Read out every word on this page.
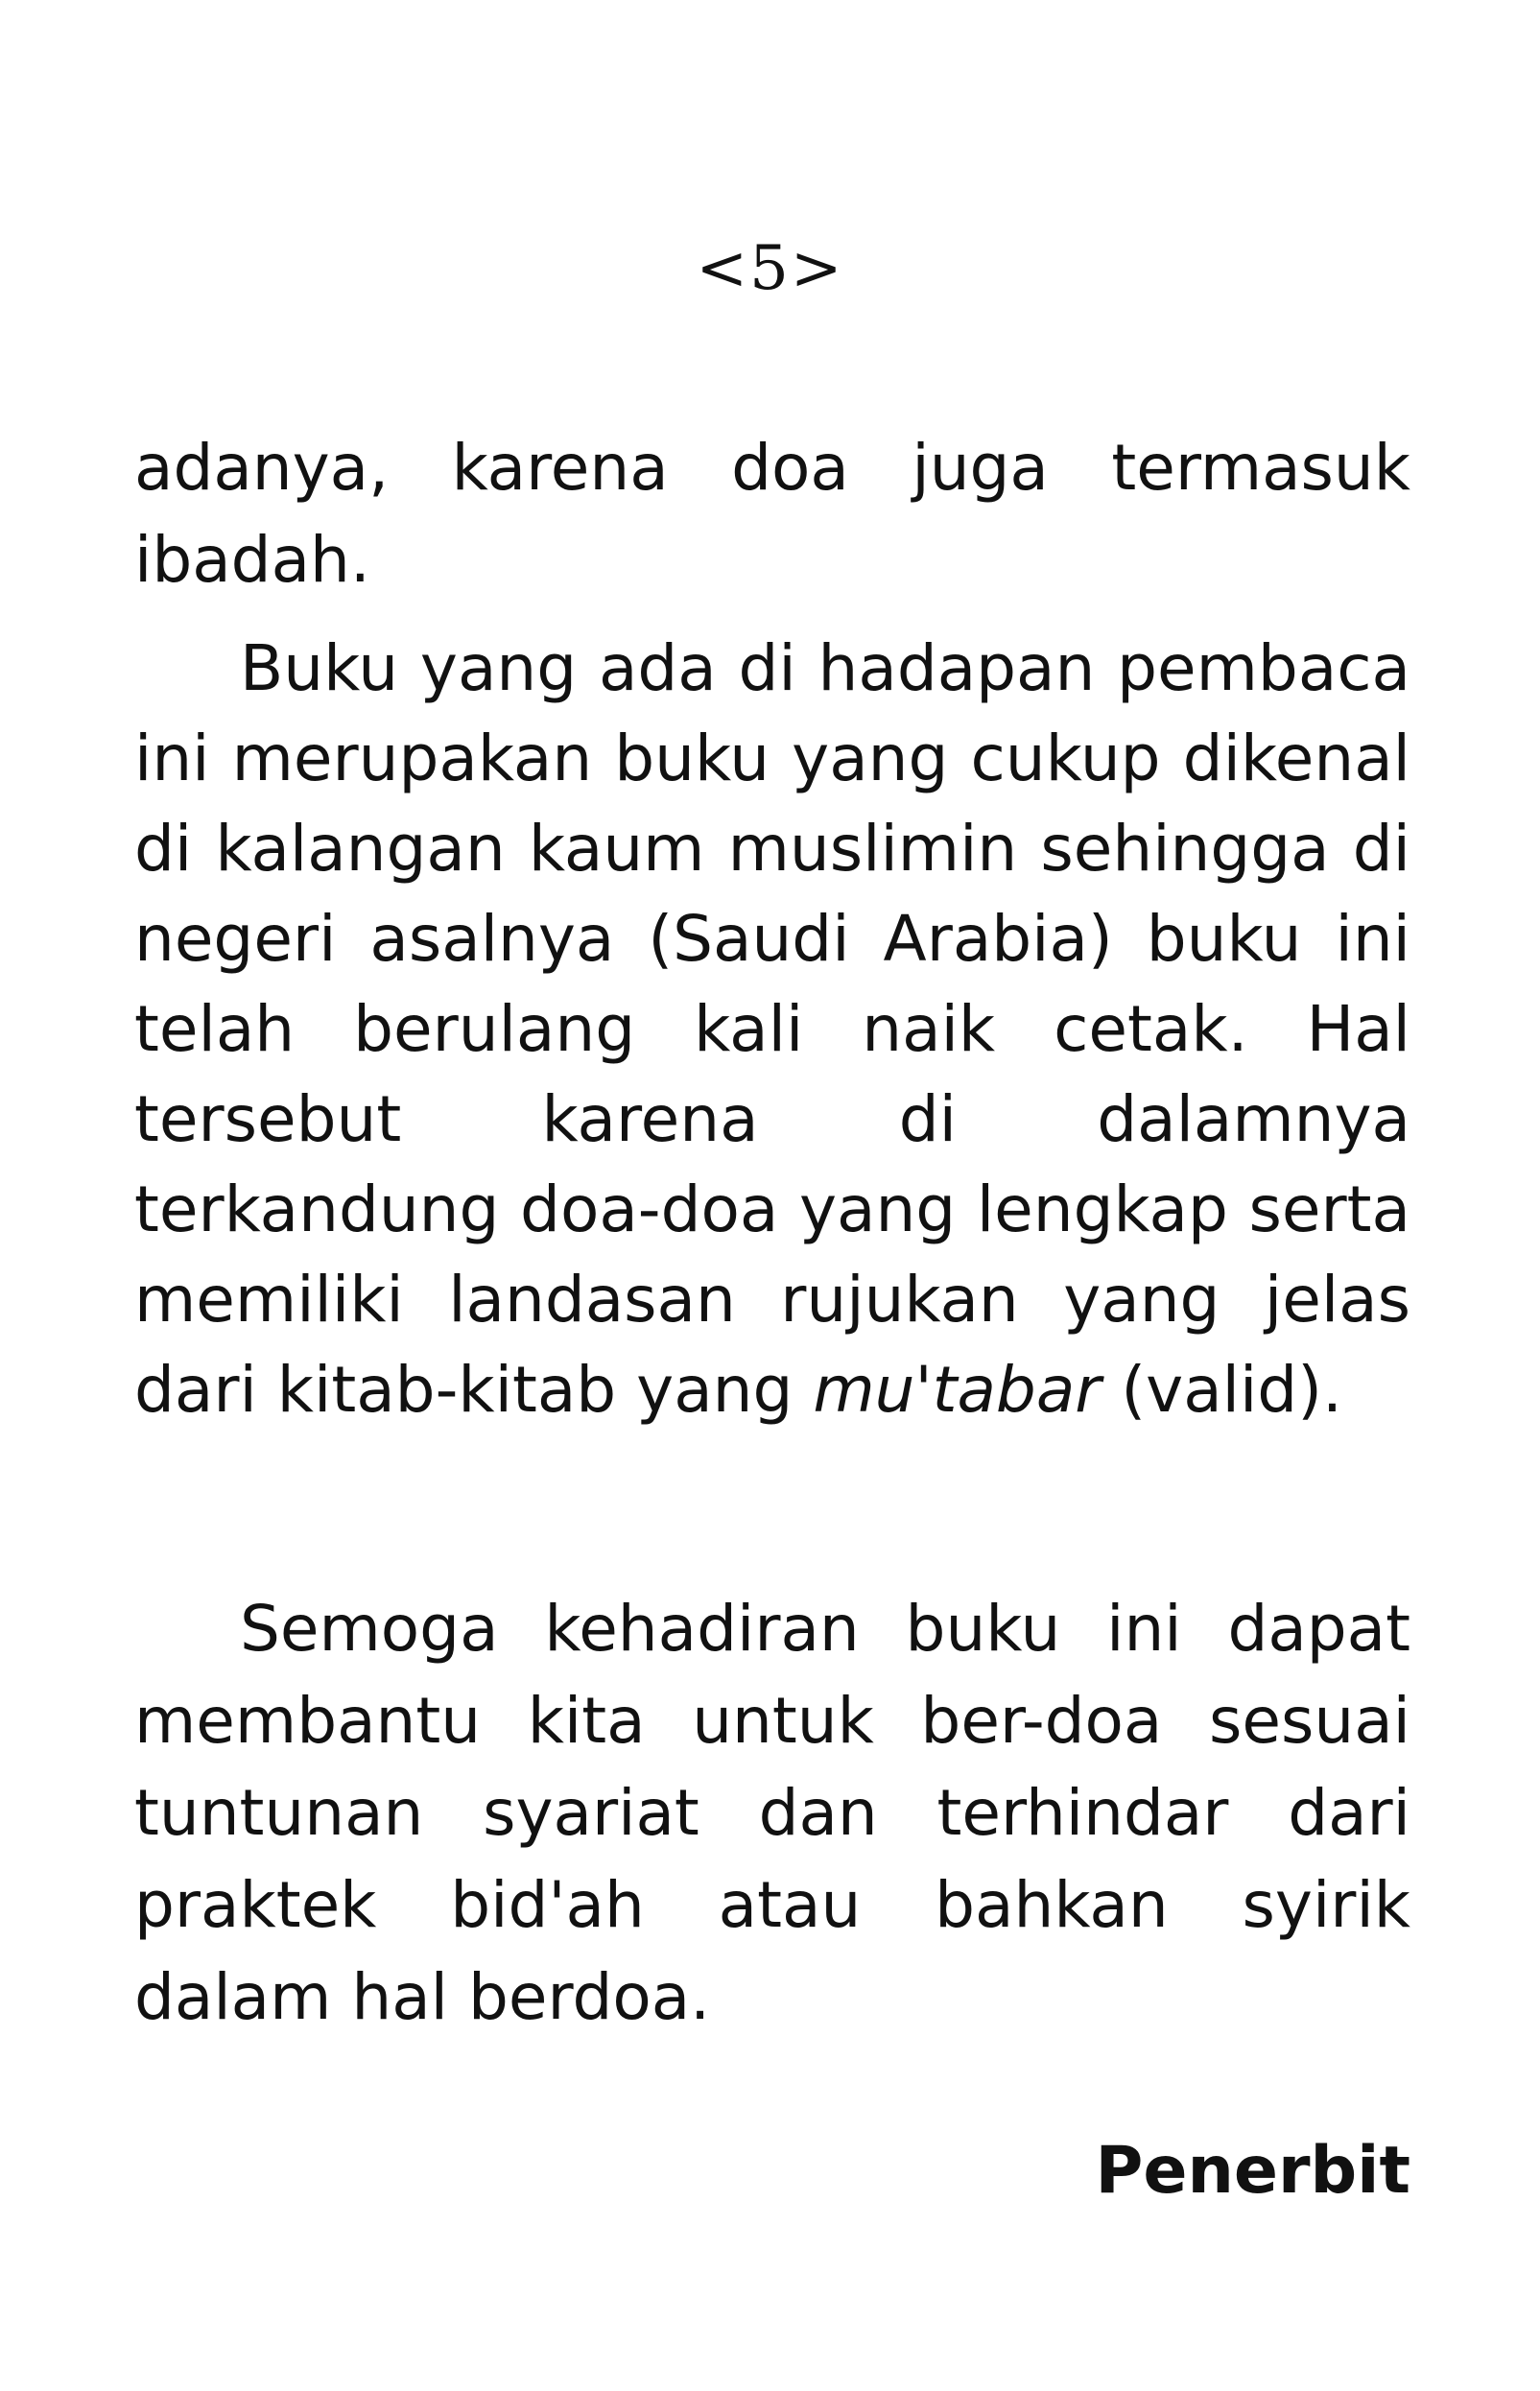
<5>

adanya, karena doa juga termasuk ibadah.

Buku yang ada di hadapan pembaca ini merupakan buku yang cukup dikenal di kalangan kaum muslimin sehingga di negeri asalnya (Saudi Arabia) buku ini telah berulang kali naik cetak. Hal tersebut karena di dalamnya terkandung doa-doa yang lengkap serta memiliki landasan rujukan yang jelas dari kitab-kitab yang mu'tabar (valid).

Semoga kehadiran buku ini dapat membantu kita untuk ber-doa sesuai tuntunan syariat dan terhindar dari praktek bid'ah atau bahkan syirik dalam hal berdoa.

Penerbit
